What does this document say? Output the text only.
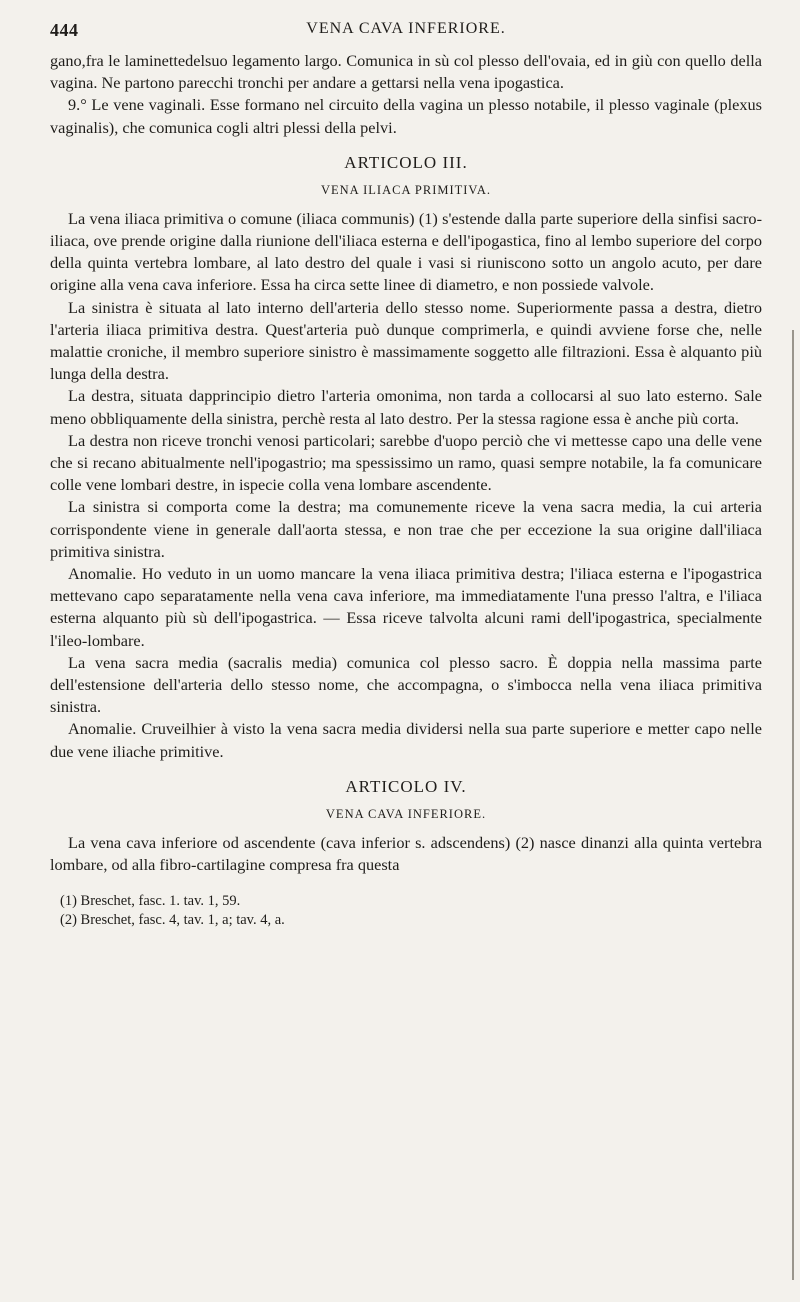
444	VENA CAVA INFERIORE.

gano,fra le laminettedelsuo legamento largo. Comunica in sù col plesso dell'ovaia, ed in giù con quello della vagina. Ne partono parecchi tronchi per andare a gettarsi nella vena ipogastica.

9.° Le vene vaginali. Esse formano nel circuito della vagina un plesso notabile, il plesso vaginale (plexus vaginalis), che comunica cogli altri plessi della pelvi.

ARTICOLO III.
VENA ILIACA PRIMITIVA.

La vena iliaca primitiva o comune (iliaca communis) (1) s'estende dalla parte superiore della sinfisi sacro-iliaca, ove prende origine dalla riunione dell'iliaca esterna e dell'ipogastica, fino al lembo superiore del corpo della quinta vertebra lombare, al lato destro del quale i vasi si riuniscono sotto un angolo acuto, per dare origine alla vena cava inferiore. Essa ha circa sette linee di diametro, e non possiede valvole.

La sinistra è situata al lato interno dell'arteria dello stesso nome. Superiormente passa a destra, dietro l'arteria iliaca primitiva destra. Quest'arteria può dunque comprimerla, e quindi avviene forse che, nelle malattie croniche, il membro superiore sinistro è massimamente soggetto alle filtrazioni. Essa è alquanto più lunga della destra.

La destra, situata dapprincipio dietro l'arteria omonima, non tarda a collocarsi al suo lato esterno. Sale meno obbliquamente della sinistra, perchè resta al lato destro. Per la stessa ragione essa è anche più corta.

La destra non riceve tronchi venosi particolari; sarebbe d'uopo perciò che vi mettesse capo una delle vene che si recano abitualmente nell'ipogastrio; ma spessissimo un ramo, quasi sempre notabile, la fa comunicare colle vene lombari destre, in ispecie colla vena lombare ascendente.

La sinistra si comporta come la destra; ma comunemente riceve la vena sacra media, la cui arteria corrispondente viene in generale dall'aorta stessa, e non trae che per eccezione la sua origine dall'iliaca primitiva sinistra.

Anomalie. Ho veduto in un uomo mancare la vena iliaca primitiva destra; l'iliaca esterna e l'ipogastrica mettevano capo separatamente nella vena cava inferiore, ma immediatamente l'una presso l'altra, e l'iliaca esterna alquanto più sù dell'ipogastrica. — Essa riceve talvolta alcuni rami dell'ipogastrica, specialmente l'ileo-lombare.

La vena sacra media (sacralis media) comunica col plesso sacro. È doppia nella massima parte dell'estensione dell'arteria dello stesso nome, che accompagna, o s'imbocca nella vena iliaca primitiva sinistra.

Anomalie. Cruveilhier à visto la vena sacra media dividersi nella sua parte superiore e metter capo nelle due vene iliache primitive.

ARTICOLO IV.
VENA CAVA INFERIORE.

La vena cava inferiore od ascendente (cava inferior s. adscendens) (2) nasce dinanzi alla quinta vertebra lombare, od alla fibro-cartilagine compresa fra questa

(1) Breschet, fasc. 1. tav. 1, 59.
(2) Breschet, fasc. 4, tav. 1, a; tav. 4, a.
